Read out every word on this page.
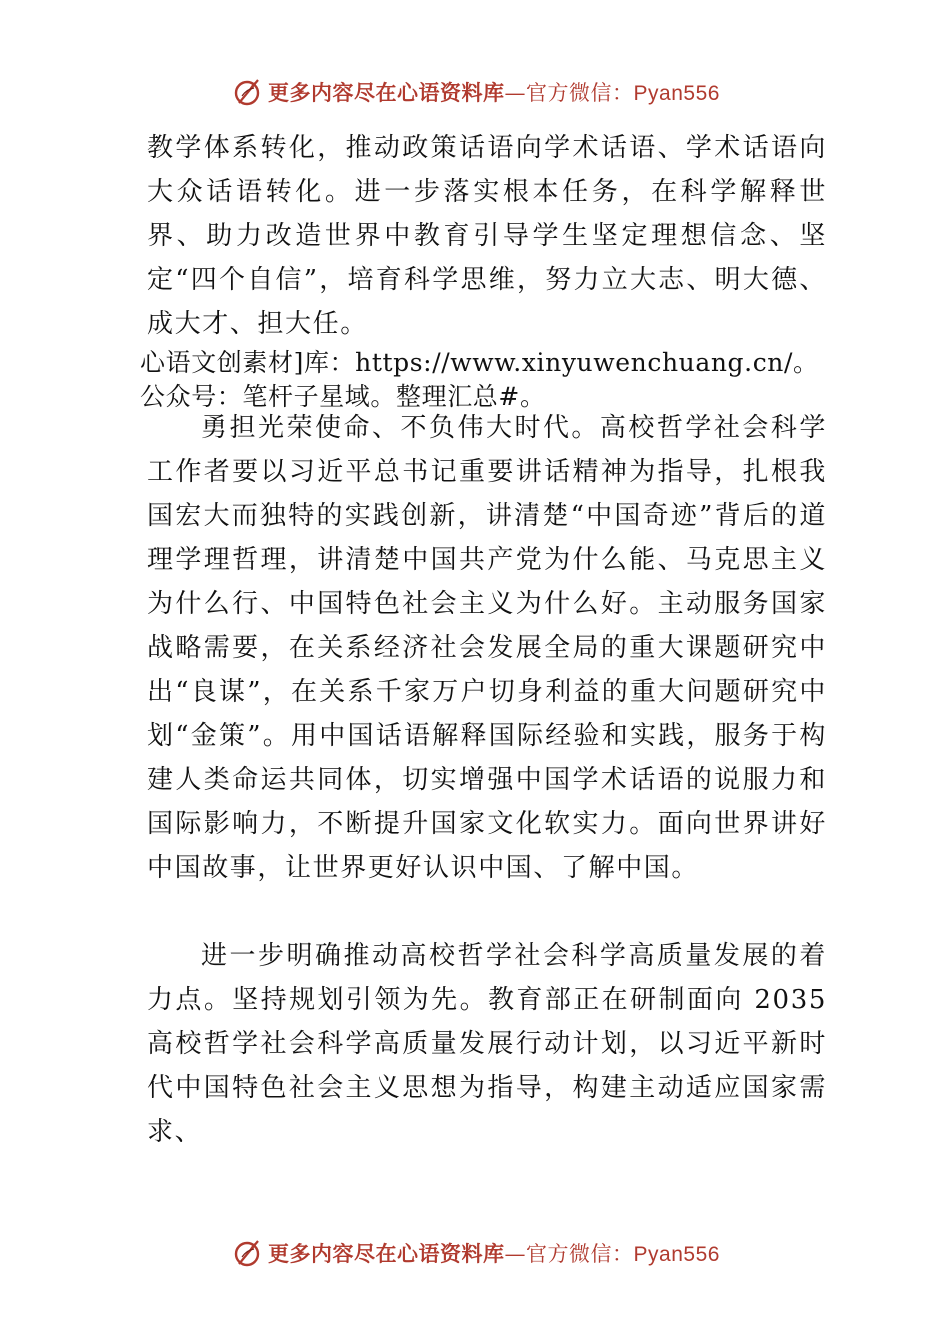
更多内容尽在心语资料库—官方微信：Pyan556

教学体系转化，推动政策话语向学术话语、学术话语向大众话语转化。进一步落实根本任务，在科学解释世界、助力改造世界中教育引导学生坚定理想信念、坚定“四个自信”，培育科学思维，努力立大志、明大德、成大才、担大任。

心语文创素材]库：https://www.xinyuwenchuang.cn/。公众号：笔杆子星域。整理汇总#。

勇担光荣使命、不负伟大时代。高校哲学社会科学工作者要以习近平总书记重要讲话精神为指导，扎根我国宏大而独特的实践创新，讲清楚“中国奇迹”背后的道理学理哲理，讲清楚中国共产党为什么能、马克思主义为什么行、中国特色社会主义为什么好。主动服务国家战略需要，在关系经济社会发展全局的重大课题研究中出“良谋”，在关系千家万户切身利益的重大问题研究中划“金策”。用中国话语解释国际经验和实践，服务于构建人类命运共同体，切实增强中国学术话语的说服力和国际影响力，不断提升国家文化软实力。面向世界讲好中国故事，让世界更好认识中国、了解中国。

进一步明确推动高校哲学社会科学高质量发展的着力点。坚持规划引领为先。教育部正在研制面向 2035 高校哲学社会科学高质量发展行动计划，以习近平新时代中国特色社会主义思想为指导，构建主动适应国家需求、

更多内容尽在心语资料库—官方微信：Pyan556
